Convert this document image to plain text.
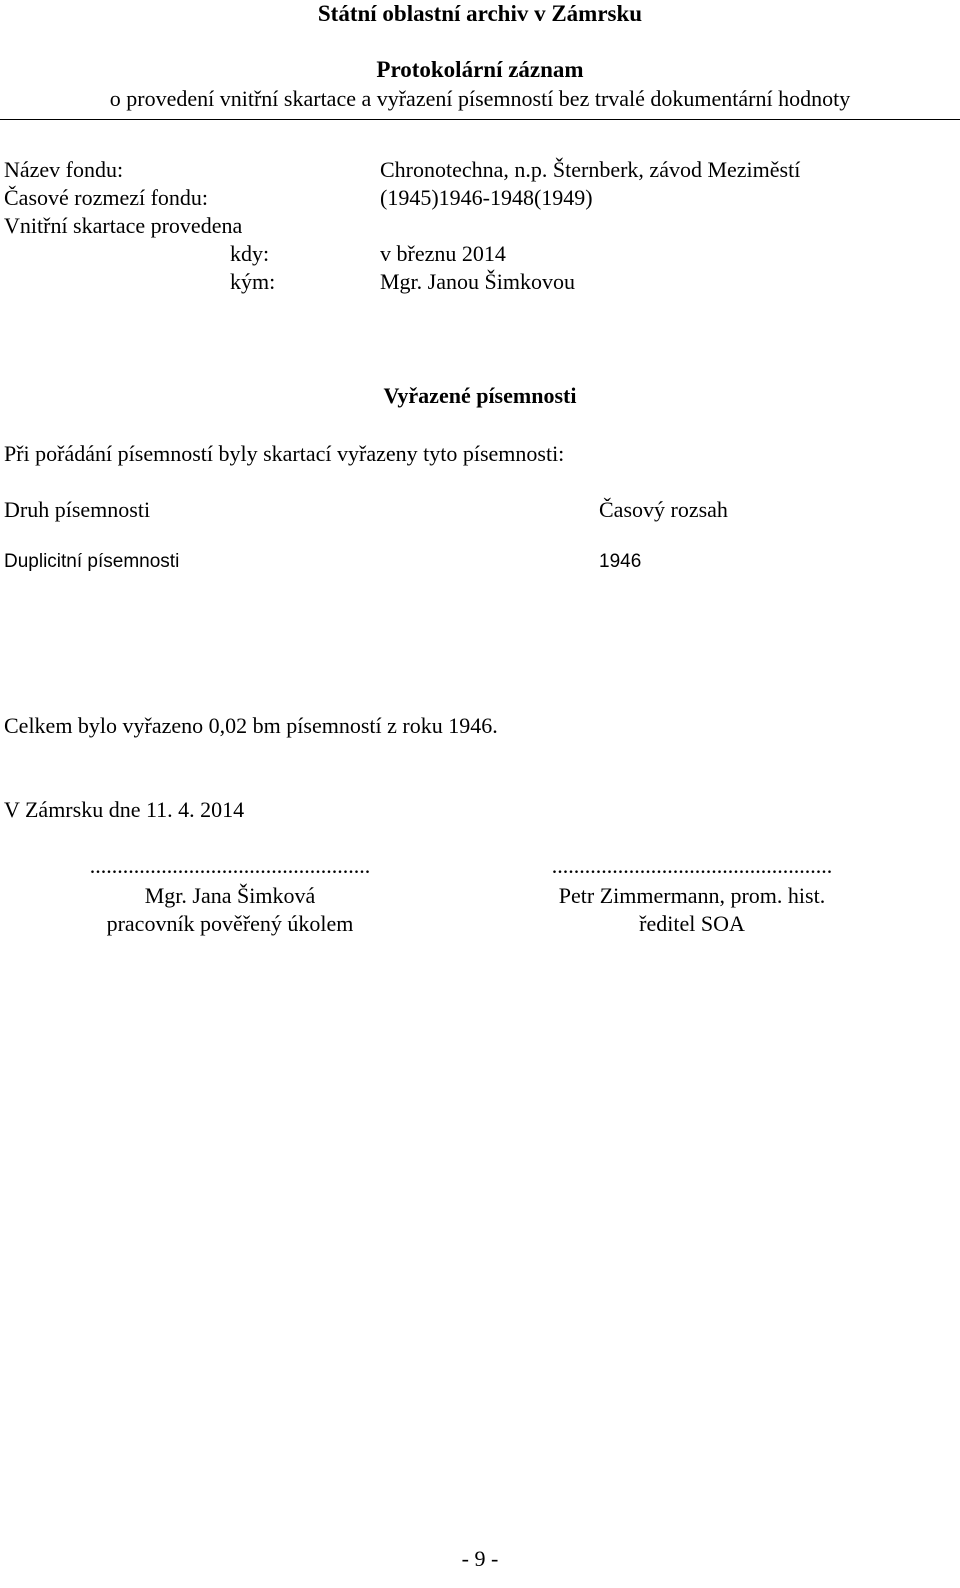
Státní oblastní archiv v Zámrsku
Protokolární záznam
o provedení vnitřní skartace a vyřazení písemností bez trvalé dokumentární hodnoty
Název fondu:	Chronotechna, n.p. Šternberk, závod Meziměstí
Časové rozmezí fondu:	(1945)1946-1948(1949)
Vnitřní skartace provedena
kdy:	v březnu 2014
kým:	Mgr. Janou Šimkovou
Vyřazené písemnosti
Při pořádání písemností byly skartací vyřazeny tyto písemnosti:
Druh písemnosti	Časový rozsah
Duplicitní písemnosti	1946
Celkem bylo vyřazeno 0,02 bm písemností z roku 1946.
V Zámrsku dne 11. 4. 2014
...................................................
Mgr. Jana Šimková
pracovník pověřený úkolem
...................................................
Petr Zimmermann, prom. hist.
ředitel SOA
- 9 -
